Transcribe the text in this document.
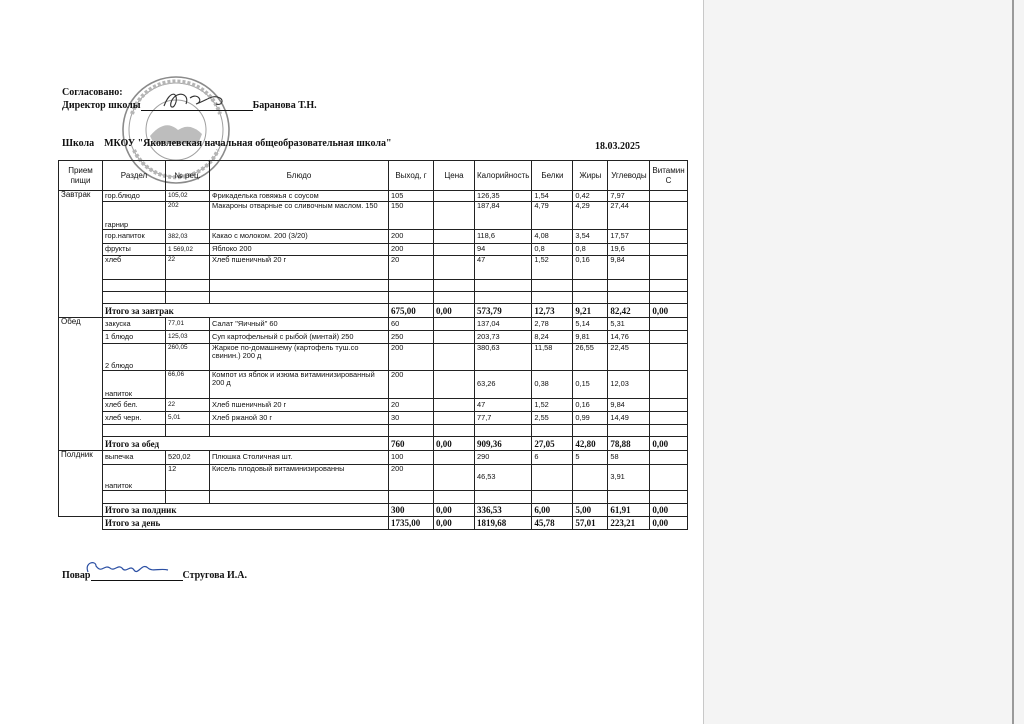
Согласовано:
Директор школы	Баранова Т.Н.
Школа МКОУ "Яковлевская начальная общеобразовательная школа"	18.03.2025
Прием пищи	Раздел	№ рец.	Блюдо	Выход, г	Цена	Калорийность	Белки	Жиры	Углеводы	Витамин С
Завтрак	гор.блюдо	105,02	Фрикаделька говяжья с соусом	105		126,35	1,54	0,42	7,97	
	гарнир	202	Макароны отварные со сливочным маслом. 150	150		187,84	4,79	4,29	27,44	
	гор.напиток	382,03	Какао с молоком. 200 (3/20)	200		118,6	4,08	3,54	17,57	
	фрукты	1 569,02	Яблоко 200	200		94	0,8	0,8	19,6	
	хлеб	22	Хлеб пшеничный 20 г	20		47	1,52	0,16	9,84	

	Итого за завтрак			675,00	0,00	573,79	12,73	9,21	82,42	0,00
Обед	закуска	77,01	Салат "Яичный" 60	60		137,04	2,78	5,14	5,31	
	1 блюдо	125,03	Суп картофельный с рыбой (минтай) 250	250		203,73	8,24	9,81	14,76	
	2 блюдо	260,05	Жаркое по-домашнему (картофель туш.со свинин.) 200 д	200		380,63	11,58	26,55	22,45	
	напиток	66,06	Компот из яблок и изюма витаминизированный 200 д	200		63,26	0,38	0,15	12,03	
	хлеб бел.	22	Хлеб пшеничный 20 г	20		47	1,52	0,16	9,84	
	хлеб черн.	5,01	Хлеб ржаной 30 г	30		77,7	2,55	0,99	14,49	

	Итого за обед			760	0,00	909,36	27,05	42,80	78,88	0,00
Полдник	выпечка	520,02	Плюшка Столичная шт.	100		290	6	5	58	
	напиток	12	Кисель плодовый витаминизированны	200		46,53			3,91	

	Итого за полдник			300	0,00	336,53	6,00	5,00	61,91	0,00
	Итого за день			1735,00	0,00	1819,68	45,78	57,01	223,21	0,00
Повар	Стругова И.А.
